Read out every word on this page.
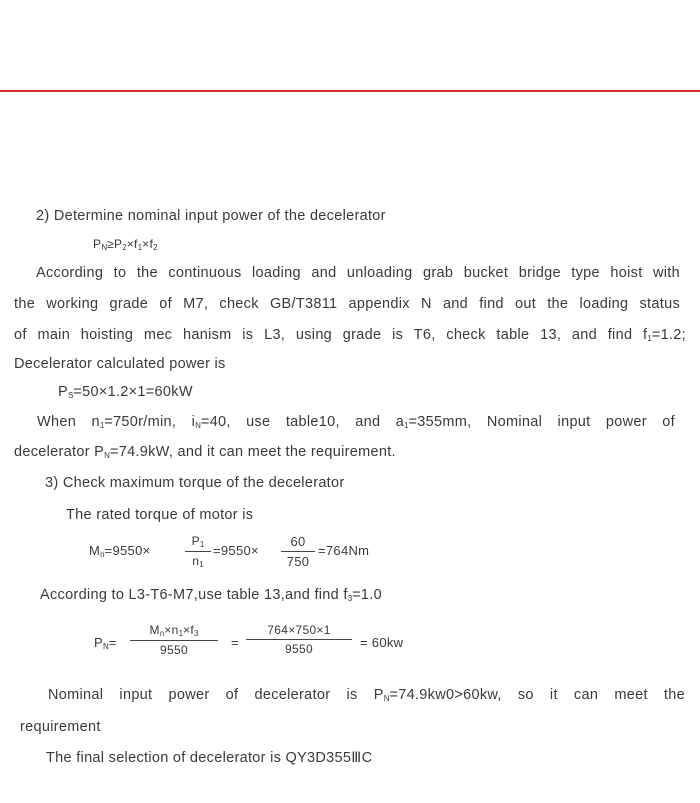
2) Determine nominal input power of the decelerator
$P_N\ge P_2\times f_1\times f_2$
According to the continuous loading and unloading grab bucket bridge type hoist with
the working grade of M7, check GB/T3811 appendix N and find out the loading status
of main hoisting mec hanism is L3, using grade is T6, check table 13, and find $f_1=1.2$;
Decelerator calculated power is
$P_S=50\times 1.2\times 1=60kW$
When $n_1=750r/\min$, $i_N=40$, use table10, and $a_1=355mm$, Nominal input power of
decelerator $P_N=74.9kW$, and it can meet the requirement.
3) Check maximum torque of the decelerator
The rated torque of motor is
$M_n=9550\times$	$\frac{P_1}{n_1} =9550\times \frac{60}{750} =764Nm$
According to L3-T6-M7,use table 13,and find $f_3=1.0$
$P_N= \frac{M_n\times n_1\times f_3}{9550} = \frac{764\times 750\times 1}{9550} = 60kw$
Nominal input power of decelerator is $P_N=74.9kw0>60kw$, so it can meet the
requirement
The final selection of decelerator is QY3D355ⅢC
